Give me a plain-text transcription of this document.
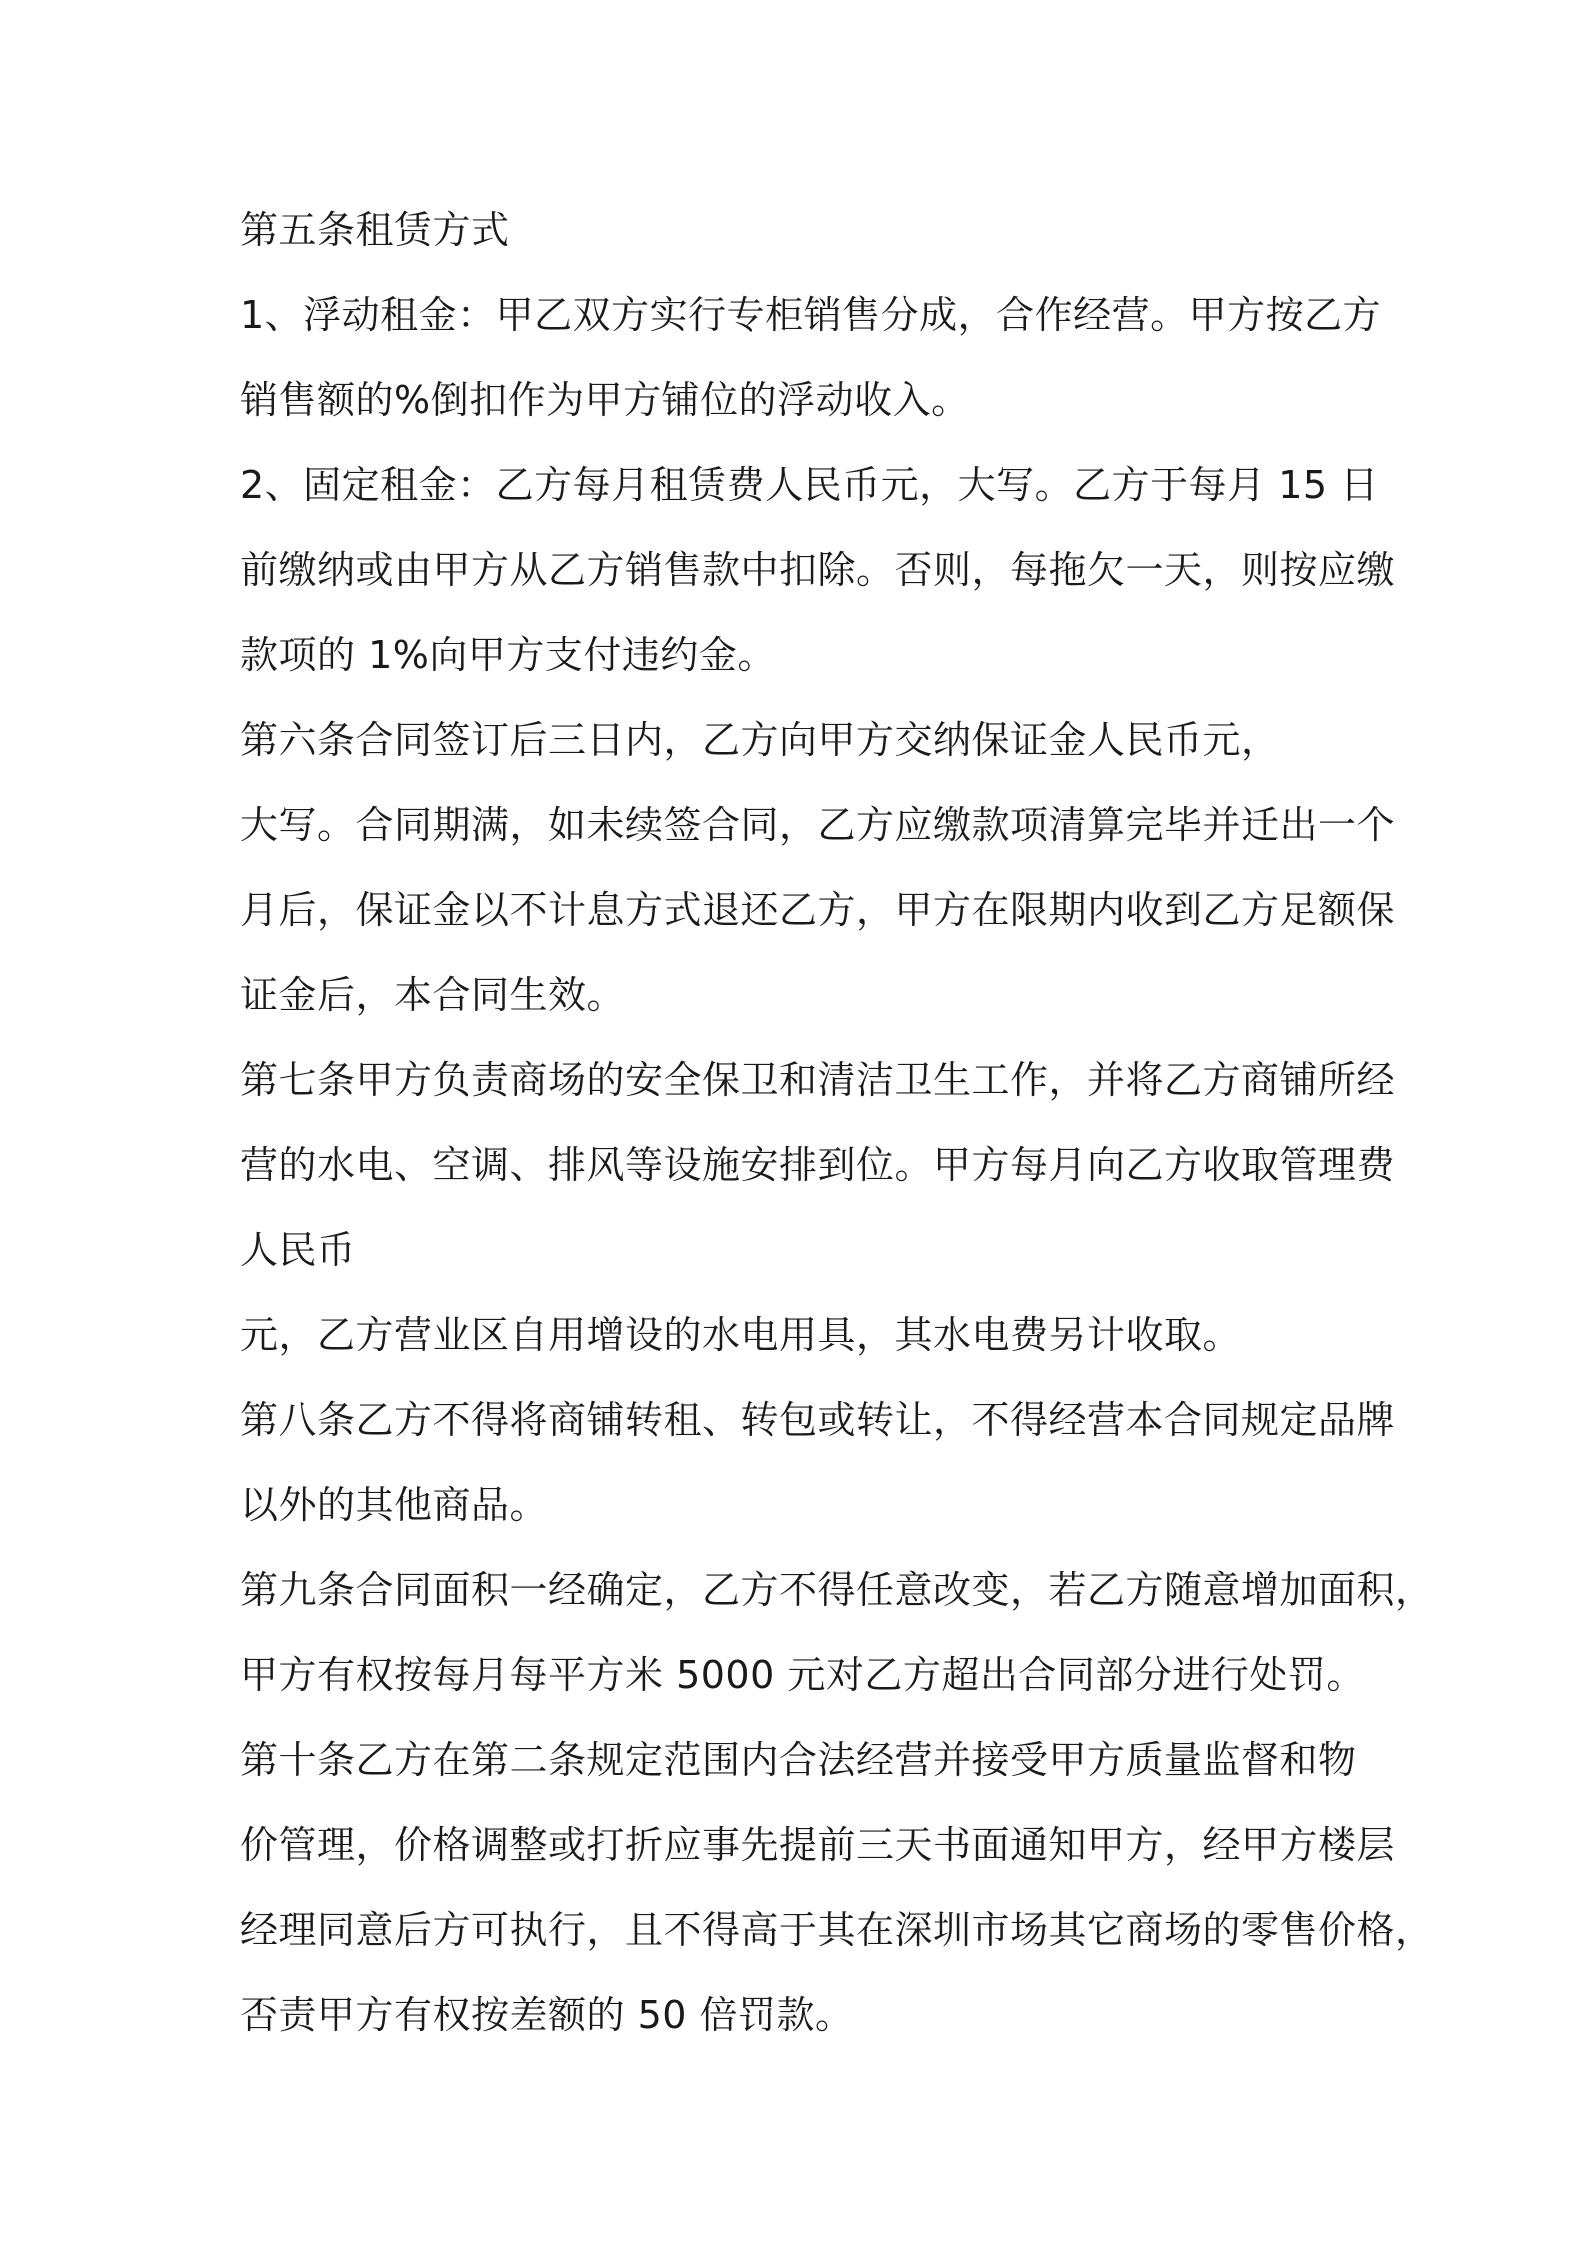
第五条租赁方式
1、浮动租金：甲乙双方实行专柜销售分成，合作经营。甲方按乙方
销售额的%倒扣作为甲方铺位的浮动收入。
2、固定租金：乙方每月租赁费人民币元，大写。乙方于每月 15 日
前缴纳或由甲方从乙方销售款中扣除。否则，每拖欠一天，则按应缴
款项的 1%向甲方支付违约金。
第六条合同签订后三日内，乙方向甲方交纳保证金人民币元，
大写。合同期满，如未续签合同，乙方应缴款项清算完毕并迁出一个
月后，保证金以不计息方式退还乙方，甲方在限期内收到乙方足额保
证金后，本合同生效。
第七条甲方负责商场的安全保卫和清洁卫生工作，并将乙方商铺所经
营的水电、空调、排风等设施安排到位。甲方每月向乙方收取管理费
人民币
元，乙方营业区自用增设的水电用具，其水电费另计收取。
第八条乙方不得将商铺转租、转包或转让，不得经营本合同规定品牌
以外的其他商品。
第九条合同面积一经确定，乙方不得任意改变，若乙方随意增加面积，
甲方有权按每月每平方米 5000 元对乙方超出合同部分进行处罚。
第十条乙方在第二条规定范围内合法经营并接受甲方质量监督和物
价管理，价格调整或打折应事先提前三天书面通知甲方，经甲方楼层
经理同意后方可执行，且不得高于其在深圳市场其它商场的零售价格，
否责甲方有权按差额的 50 倍罚款。
